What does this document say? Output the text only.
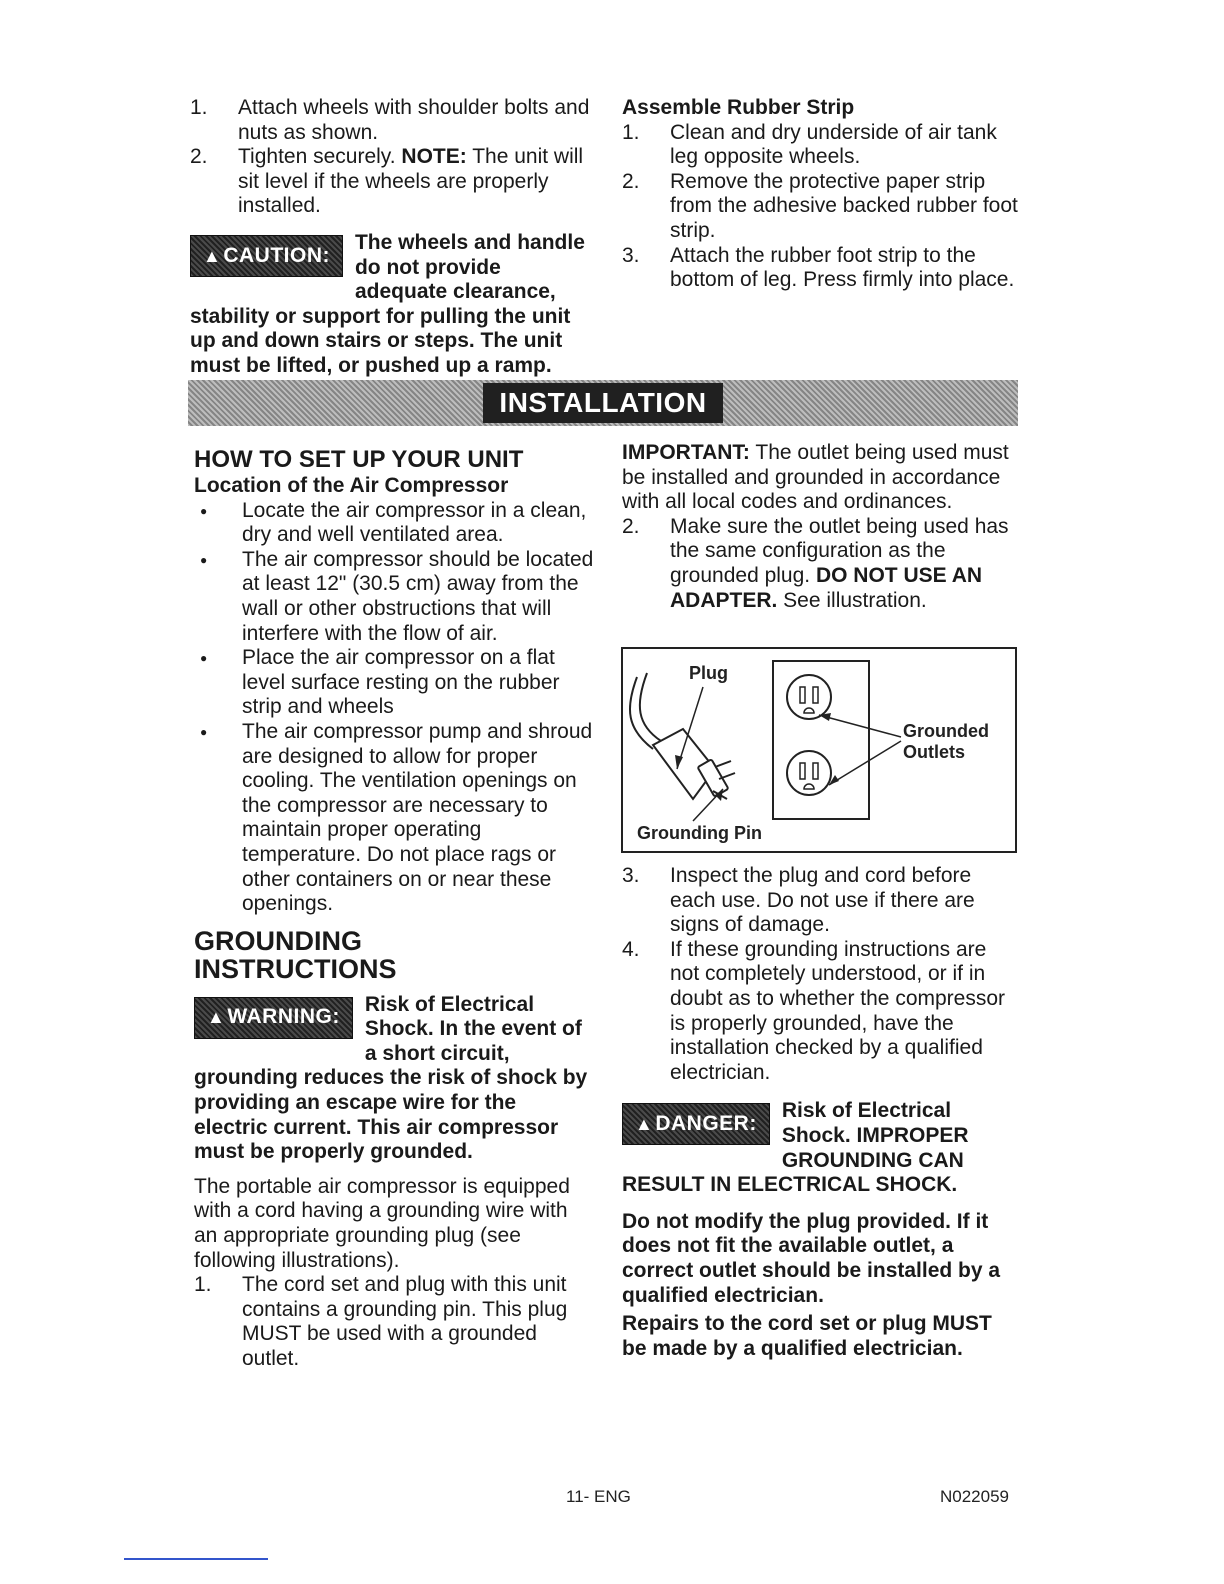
1. Attach wheels with shoulder bolts and nuts as shown.
2. Tighten securely. NOTE: The unit will sit level if the wheels are properly installed.
▲ CAUTION:
The wheels and handle do not provide adequate clearance, stability or support for pulling the unit up and down stairs or steps. The unit must be lifted, or pushed up a ramp.
Assemble Rubber Strip
1. Clean and dry underside of air tank leg opposite wheels.
2. Remove the protective paper strip from the adhesive backed rubber foot strip.
3. Attach the rubber foot strip to the bottom of leg. Press firmly into place.
INSTALLATION
HOW TO SET UP YOUR UNIT
Location of the Air Compressor
● Locate the air compressor in a clean, dry and well ventilated area.
● The air compressor should be located at least 12" (30.5 cm) away from the wall or other obstructions that will interfere with the flow of air.
● Place the air compressor on a flat level surface resting on the rubber strip and wheels
● The air compressor pump and shroud are designed to allow for proper cooling. The ventilation openings on the compressor are necessary to maintain proper operating temperature. Do not place rags or other containers on or near these openings.
GROUNDING
INSTRUCTIONS
▲ WARNING:
Risk of Electrical Shock. In the event of a short circuit, grounding reduces the risk of shock by providing an escape wire for the electric current. This air compressor must be properly grounded.

The portable air compressor is equipped with a cord having a grounding wire with an appropriate grounding plug (see following illustrations).

1. The cord set and plug with this unit contains a grounding pin. This plug MUST be used with a grounded outlet.
IMPORTANT: The outlet being used must be installed and grounded in accordance with all local codes and ordinances.
2. Make sure the outlet being used has the same configuration as the grounded plug. DO NOT USE AN ADAPTER. See illustration.
Plug
Grounded
Outlets
Grounding Pin
3. Inspect the plug and cord before each use. Do not use if there are signs of damage.
4. If these grounding instructions are not completely understood, or if in doubt as to whether the compressor is properly grounded, have the installation checked by a qualified electrician.
▲ DANGER:
Risk of Electrical Shock. IMPROPER GROUNDING CAN RESULT IN ELECTRICAL SHOCK.
Do not modify the plug provided. If it does not fit the available outlet, a correct outlet should be installed by a qualified electrician.
Repairs to the cord set or plug MUST be made by a qualified electrician.
11- ENG	N022059
